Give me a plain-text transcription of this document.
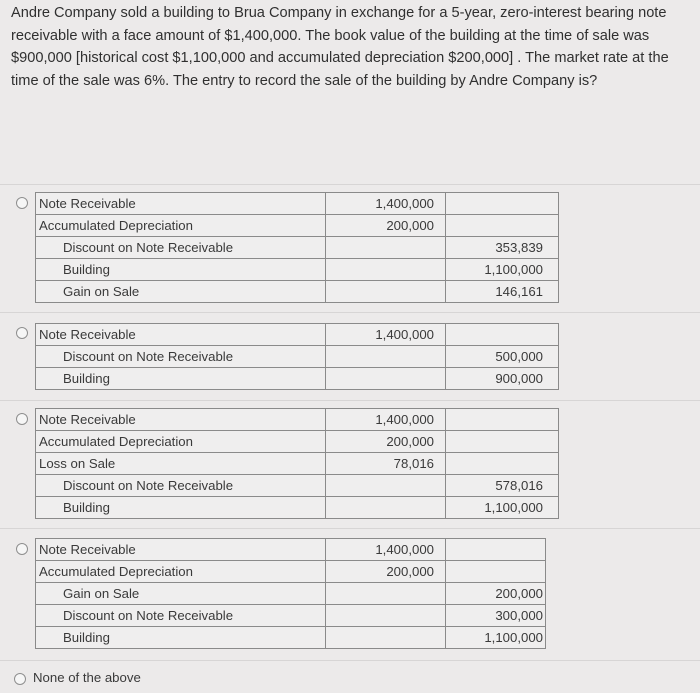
Andre Company sold a building to Brua Company in exchange for a 5-year, zero-interest bearing note receivable with a face amount of $1,400,000. The book value of the building at the time of sale was $900,000 [historical cost $1,100,000 and accumulated depreciation $200,000] . The market rate at the time of the sale was 6%. The entry to record the sale of the building by Andre Company is?

Note Receivable	1,400,000	
Accumulated Depreciation	200,000	
Discount on Note Receivable		353,839
Building		1,100,000
Gain on Sale		146,161
Note Receivable	1,400,000	
Discount on Note Receivable		500,000
Building		900,000
Note Receivable	1,400,000	
Accumulated Depreciation	200,000	
Loss on Sale	78,016	
Discount on Note Receivable		578,016
Building		1,100,000
Note Receivable	1,400,000	
Accumulated Depreciation	200,000	
Gain on Sale		200,000
Discount on Note Receivable		300,000
Building		1,100,000
None of the above
